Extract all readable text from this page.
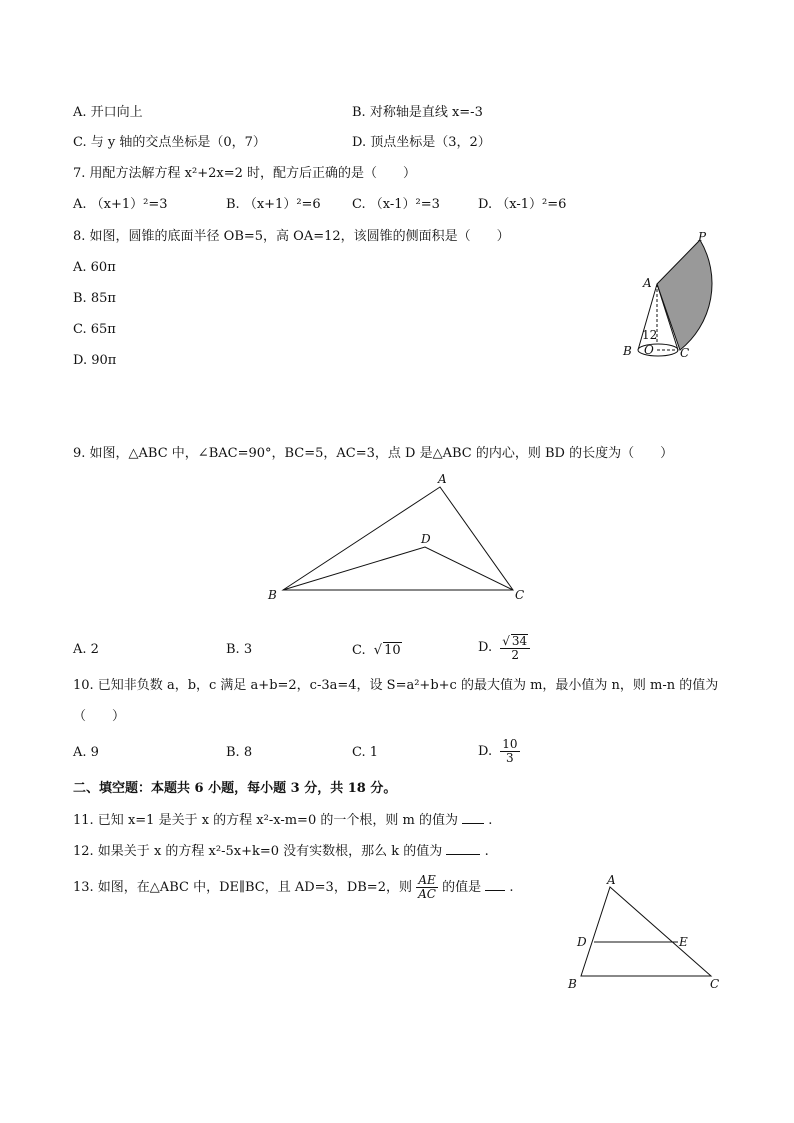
A. 开口向上	B. 对称轴是直线 x=-3
C. 与 y 轴的交点坐标是（0，7）	D. 顶点坐标是（3，2）
7. 用配方法解方程 x²+2x=2 时，配方后正确的是（　　）
A. （x+1）²=3	B. （x+1）²=6 C. （x-1）²=3	D. （x-1）²=6
8. 如图，圆锥的底面半径 OB=5，高 OA=12，该圆锥的侧面积是（　　）
A. 60π
B. 85π
C. 65π
D. 90π
P
A
B O C
12
9. 如图，△ABC 中，∠BAC=90°，BC=5，AC=3，点 D 是△ABC 的内心，则 BD 的长度为（　　）
A
B	C
D
A. 2	B. 3	C. √ 10	D. $\frac{√ 34}{2}$
10. 已知非负数 a，b，c 满足 a+b=2，c-3a=4，设 S=a²+b+c 的最大值为 m，最小值为 n，则 m-n 的值为
（　　）
A. 9	B. 8	C. 1	D. $\frac{10}{3}$
二、填空题：本题共 6 小题，每小题 3 分，共 18 分。
11. 已知 x=1 是关于 x 的方程 x²-x-m=0 的一个根，则 m 的值为 .
12. 如果关于 x 的方程 x²-5x+k=0 没有实数根，那么 k 的值为	.
13. 如图，在△ABC 中，DE∥BC，且 AD=3，DB=2，则 $\frac{AE}{AC}$ 的值是 .	A
B	C
D	E
